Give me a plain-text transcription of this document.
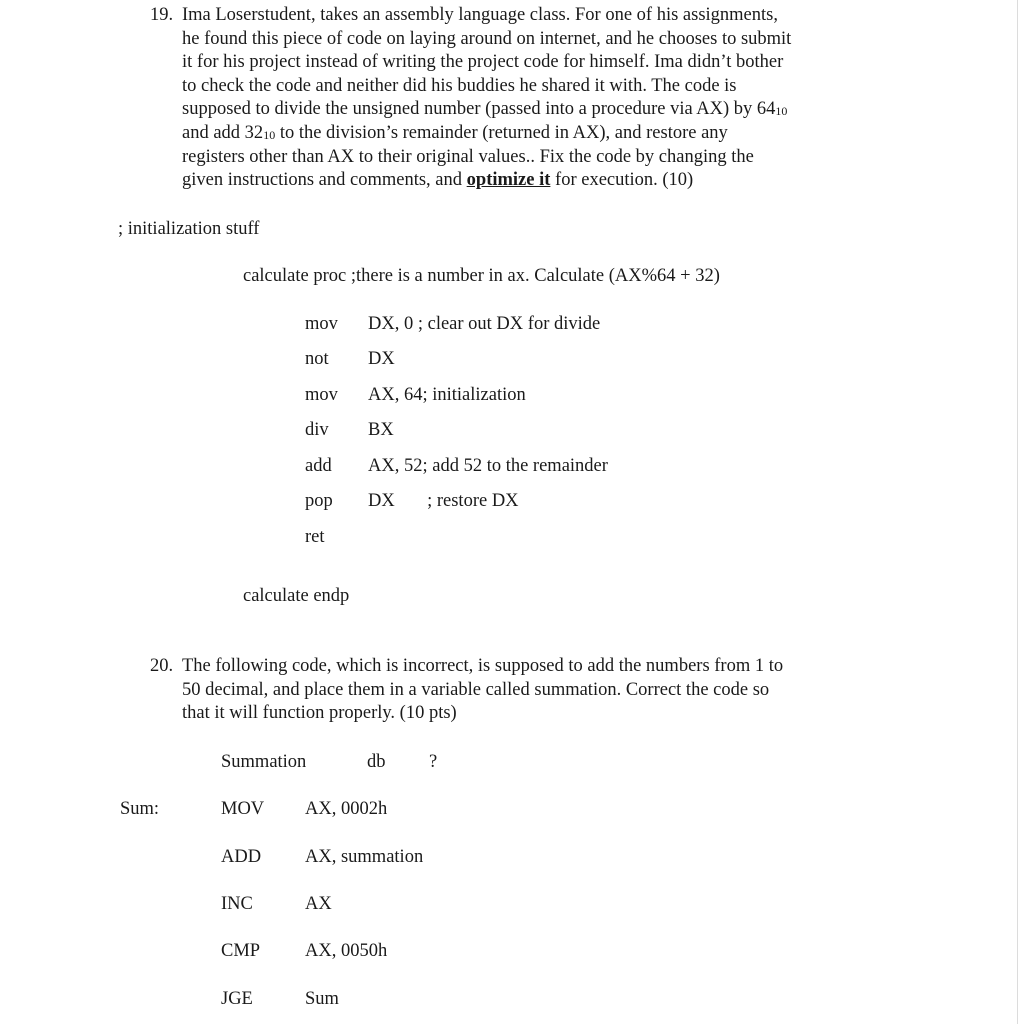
19. Ima Loserstudent, takes an assembly language class. For one of his assignments,
he found this piece of code on laying around on internet, and he chooses to submit
it for his project instead of writing the project code for himself. Ima didn’t bother
to check the code and neither did his buddies he shared it with. The code is
supposed to divide the unsigned number (passed into a procedure via AX) by $64_{10}$
and add $32_{10}$ to the division’s remainder (returned in AX), and restore any
registers other than AX to their original values.. Fix the code by changing the
given instructions and comments, and optimize it for execution. (10)
; initialization stuff
calculate proc ;there is a number in ax. Calculate (AX%64 + 32)
mov DX, 0 ; clear out DX for divide
not DX
mov AX, 64; initialization
div BX
add AX, 52; add 52 to the remainder
pop DX       ; restore DX
ret
calculate endp
20. The following code, which is incorrect, is supposed to add the numbers from 1 to
50 decimal, and place them in a variable called summation. Correct the code so
that it will function properly. (10 pts)
Summation	db ?
Sum:	MOV AX, 0002h
ADD AX, summation
INC	AX
CMP AX, 0050h
JGE	Sum
